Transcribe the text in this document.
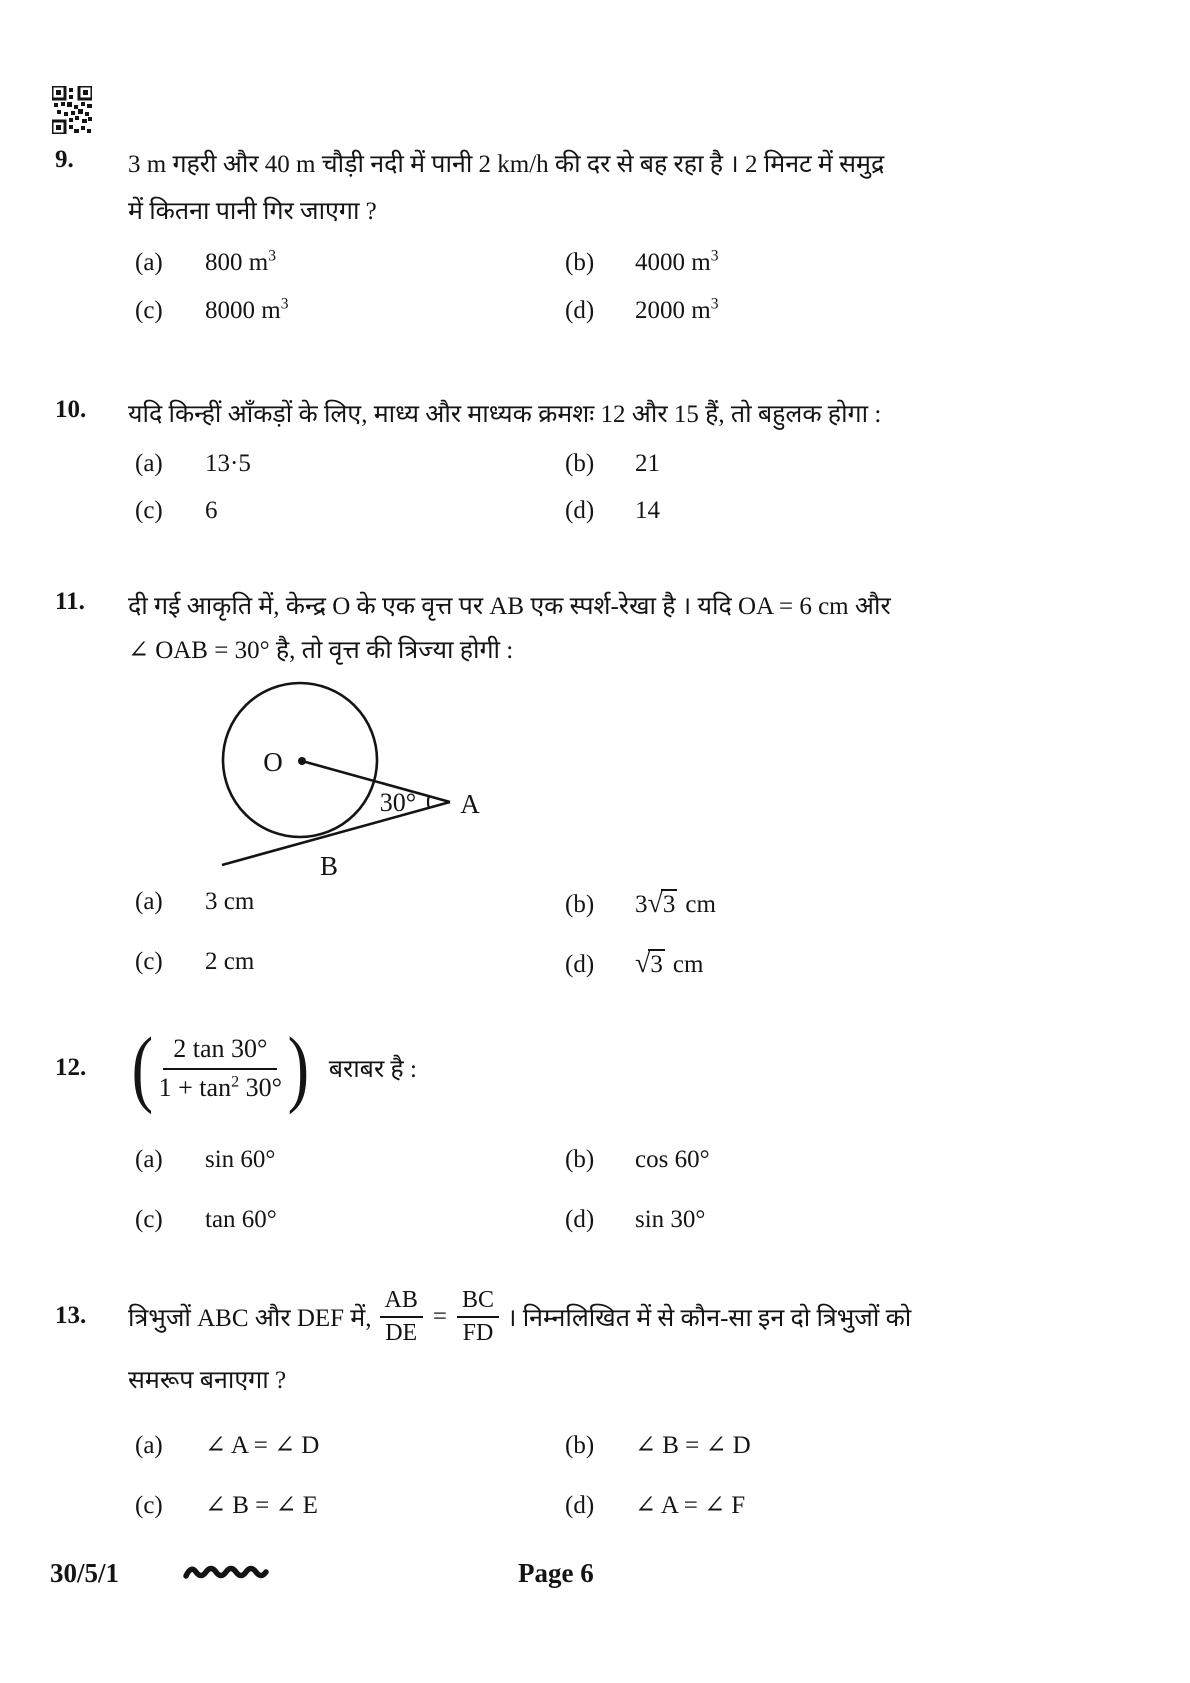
9. 3 m गहरी और 40 m चौड़ी नदी में पानी 2 km/h की दर से बह रहा है । 2 मिनट में समुद्र
में कितना पानी गिर जाएगा ?
(a) 800 $m^3$	(b) 4000 $m^3$
(c) 8000 $m^3$	(d) 2000 $m^3$
10. यदि किन्हीं आँकड़ों के लिए, माध्य और माध्यक क्रमशः 12 और 15 हैं, तो बहुलक होगा :
(a) 13·5	(b) 21
(c) 6	(d) 14
11. दी गई आकृति में, केन्द्र O के एक वृत्त पर AB एक स्पर्श-रेखा है । यदि OA = 6 cm और
∠ OAB = 30° है, तो वृत्त की त्रिज्या होगी :
O
A
B
30°
(a) 3 cm	(b) 3√3 cm
(c) 2 cm	(d) √3 cm
12. ( $\frac{2 \tan 30^\circ}{1 + \tan^2 30^\circ}$ ) बराबर है :
(a) sin 60°	(b) cos 60°
(c) tan 60°	(d) sin 30°
13. त्रिभुजों ABC और DEF में, $\frac{AB}{DE} = \frac{BC}{FD}$ । निम्नलिखित में से कौन-सा इन दो त्रिभुजों को
समरूप बनाएगा ?
(a) ∠ A = ∠ D	(b) ∠ B = ∠ D
(c) ∠ B = ∠ E	(d) ∠ A = ∠ F
30/5/1	Page 6
